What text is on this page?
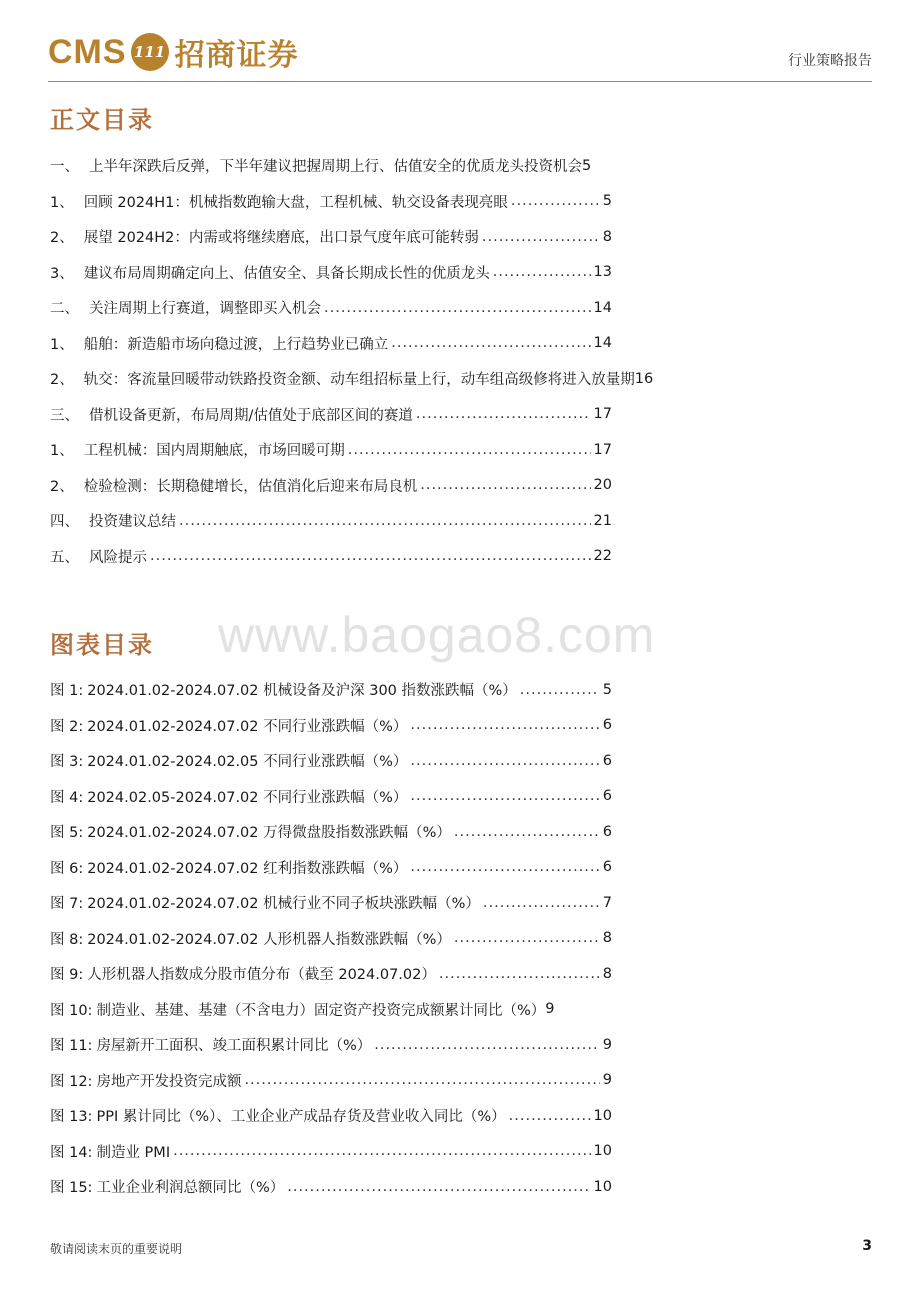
CMS 111 招商证券	行业策略报告
正文目录
一、 上半年深跌后反弹，下半年建议把握周期上行、估值安全的优质龙头投资机会 5
1、 回顾 2024H1：机械指数跑输大盘，工程机械、轨交设备表现亮眼 .....	5
2、 展望 2024H2：内需或将继续磨底，出口景气度年底可能转弱 .....	8
3、 建议布局周期确定向上、估值安全、具备长期成长性的优质龙头 .....	13
二、 关注周期上行赛道，调整即买入机会 .....	14
1、 船舶：新造船市场向稳过渡，上行趋势业已确立 .....	14
2、 轨交：客流量回暖带动铁路投资金额、动车组招标量上行，动车组高级修将进入放量期 16
三、 借机设备更新，布局周期/估值处于底部区间的赛道 .....	17
1、 工程机械：国内周期触底，市场回暖可期 .....	17
2、 检验检测：长期稳健增长，估值消化后迎来布局良机 .....	20
四、 投资建议总结 .....	21
五、 风险提示 .....	22
www.baogao8.com
图表目录
图 1: 2024.01.02-2024.07.02 机械设备及沪深 300 指数涨跌幅（%） .....	5
图 2: 2024.01.02-2024.07.02 不同行业涨跌幅（%） .....	6
图 3: 2024.01.02-2024.02.05 不同行业涨跌幅（%） .....	6
图 4: 2024.02.05-2024.07.02 不同行业涨跌幅（%） .....	6
图 5: 2024.01.02-2024.07.02 万得微盘股指数涨跌幅（%） .....	6
图 6: 2024.01.02-2024.07.02 红利指数涨跌幅（%） .....	6
图 7: 2024.01.02-2024.07.02 机械行业不同子板块涨跌幅（%） .....	7
图 8: 2024.01.02-2024.07.02 人形机器人指数涨跌幅（%） .....	8
图 9: 人形机器人指数成分股市值分布（截至 2024.07.02） .....	8
图 10: 制造业、基建、基建（不含电力）固定资产投资完成额累计同比（%） 9
图 11: 房屋新开工面积、竣工面积累计同比（%） .....	9
图 12: 房地产开发投资完成额 .....	9
图 13: PPI 累计同比（%）、工业企业产成品存货及营业收入同比（%） .....	10
图 14: 制造业 PMI .....	10
图 15: 工业企业利润总额同比（%） .....	10
敬请阅读末页的重要说明	3
